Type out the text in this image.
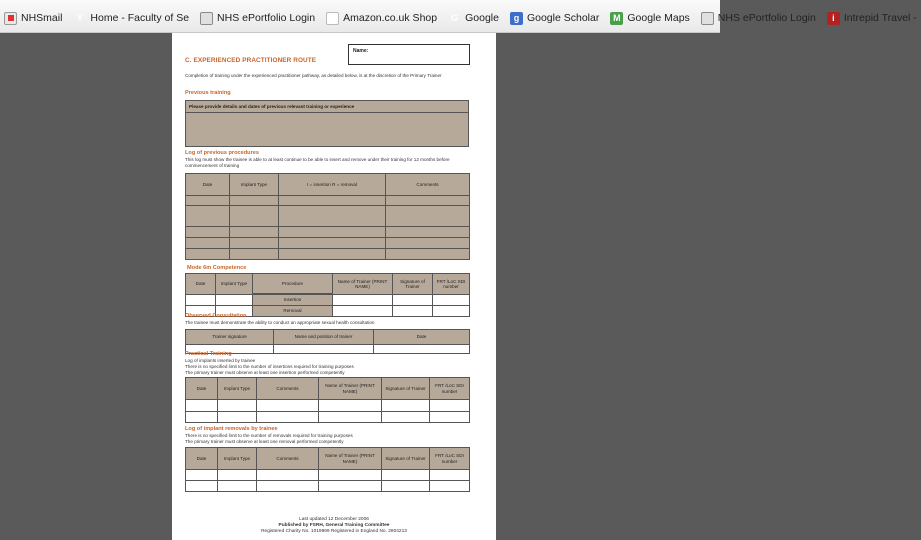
NHSmail	Y Home - Faculty of Se	NHS ePortfolio Login	a Amazon.co.uk Shop	G Google	g Google Scholar	M Google Maps	NHS ePortfolio Login	i Intrepid Travel -
C. EXPERIENCED PRACTITIONER ROUTE
Name:
Completion of training under the experienced practitioner pathway, as detailed below, is at the discretion of the Primary Trainer
Previous training
Please provide details and dates of previous relevant training or experience

Log of previous procedures
This log must show the trainee is able to at least continue to be able to insert and remove under their training for 12 months before commencement of training
Date	Implant Type	I = insertion R = removal	Comments

Mode 6m Competence
Date	Implant Type	Procedure	Name of Trainer (PRINT NAME)	Signature of Trainer	FRT /LoC SDI number

		Insertion			
		Removal			
Observed Consultation
The trainee must demonstrate the ability to conduct an appropriate sexual health consultation
Trainer signature	Name and position of trainer	Date

Practical Training
Log of implants inserted by trainee
There is no specified limit to the number of insertions required for training purposes
The primary trainer must observe at least one insertion performed competently
Date	Implant Type	Comments	Name of Trainer (PRINT NAME)	Signature of Trainer	FRT /LoC SDI number

Log of implant removals by trainee
There is no specified limit to the number of removals required for training purposes
The primary trainer must observe at least one removal performed competently
Date	Implant Type	Comments	Name of Trainer (PRINT NAME)	Signature of Trainer	FRT /LoC SDI number

Last updated 12 December 2006
Published by FSRH, General Training Committee
Registered Charity No. 1019969 Registered in England No. 2804213
